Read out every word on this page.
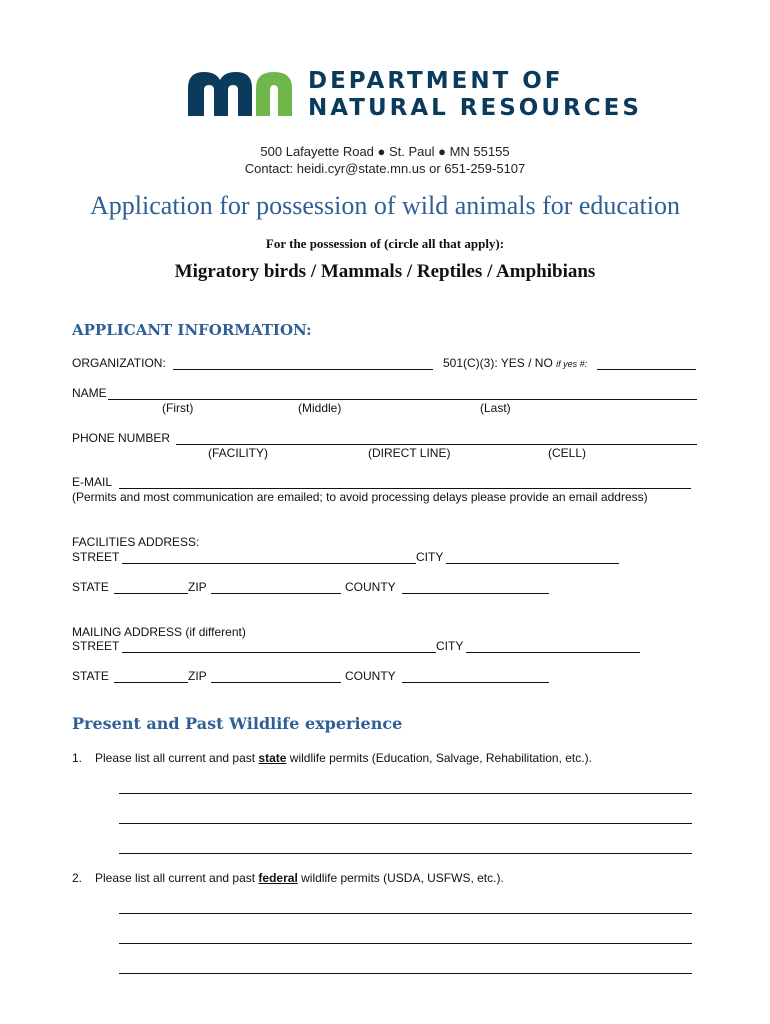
DEPARTMENT OF
NATURAL RESOURCES
500 Lafayette Road ● St. Paul ● MN 55155
Contact: heidi.cyr@state.mn.us or 651-259-5107
Application for possession of wild animals for education
For the possession of (circle all that apply):
Migratory birds / Mammals / Reptiles / Amphibians
APPLICANT INFORMATION:
ORGANIZATION:	501(C)(3): YES / NO if yes #:
NAME
(First)	(Middle)	(Last)
PHONE NUMBER
(FACILITY)	(DIRECT LINE)	(CELL)
E-MAIL
(Permits and most communication are emailed; to avoid processing delays please provide an email address)
FACILITIES ADDRESS:
STREET	CITY
STATE	ZIP	COUNTY
MAILING ADDRESS (if different)
STREET	CITY
STATE	ZIP	COUNTY
Present and Past Wildlife experience
1. Please list all current and past state wildlife permits (Education, Salvage, Rehabilitation, etc.).
2. Please list all current and past federal wildlife permits (USDA, USFWS, etc.).
